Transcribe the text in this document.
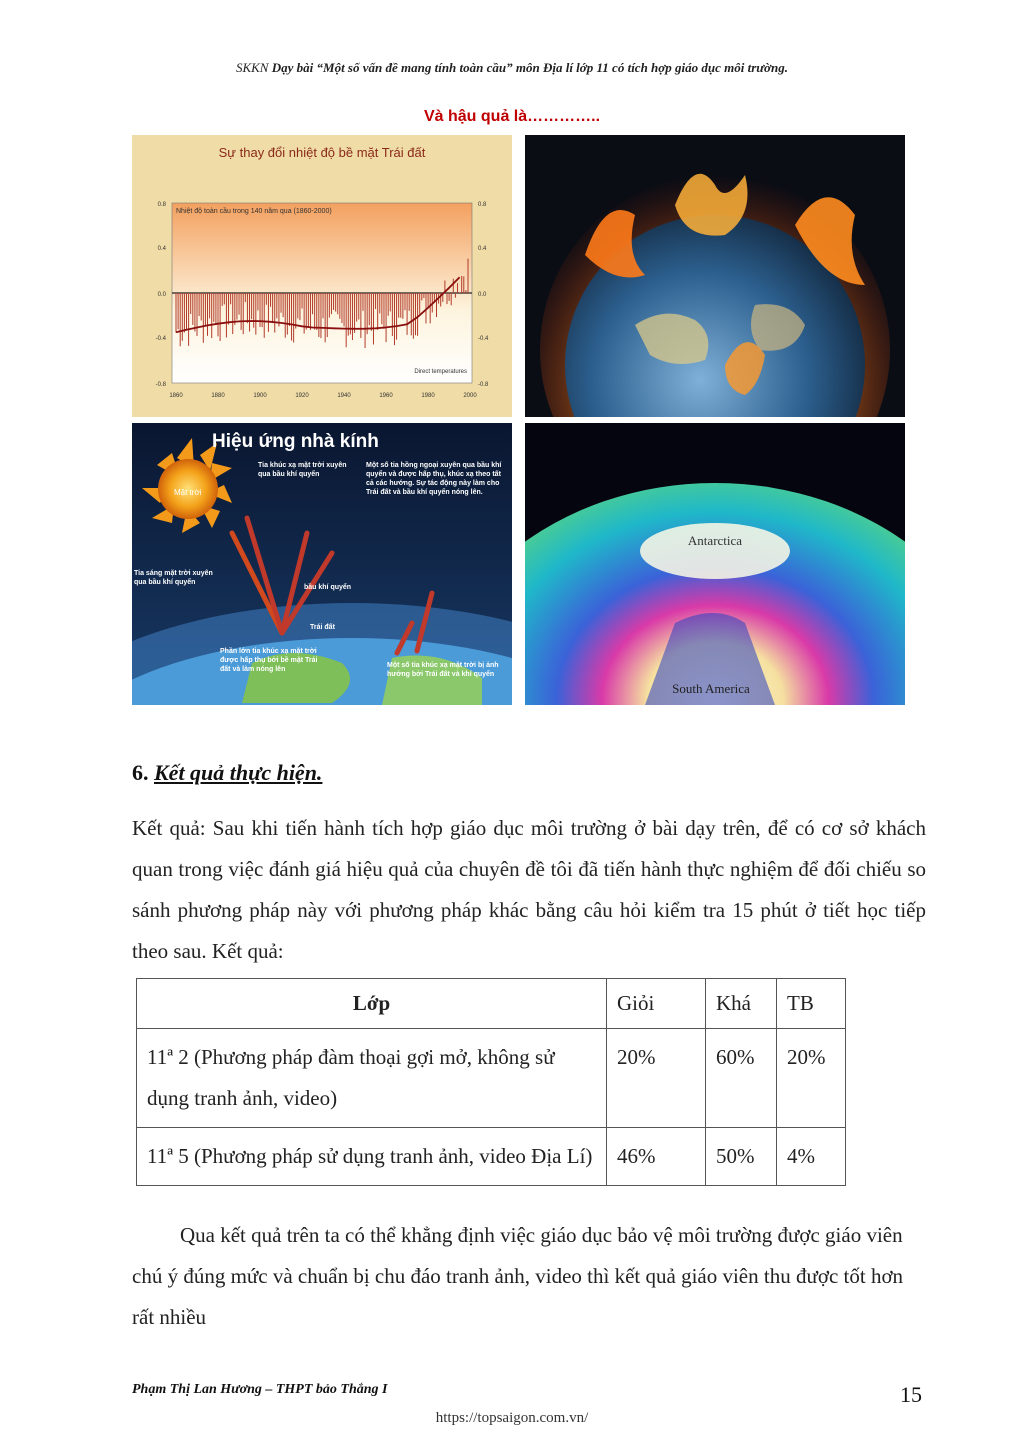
SKKN Dạy bài “Một số vấn đề mang tính toàn cầu” môn Địa lí lớp 11 có tích hợp giáo dục môi trường.
Và hậu quả là…………..
Sự thay đổi nhiệt độ bề mặt Trái đất
Nhiệt độ toàn cầu trong 140 năm qua (1860-2000)
Direct temperatures
0.8
0.4
0.0
-0.4
-0.8
0.8
0.4
0.0
-0.4
-0.8
1860	1880	1900	1920	1940	1960	1980	2000
Mặt trời
Hiệu ứng nhà kính
Tia khúc xạ mặt trời xuyên qua bầu khí quyển
Một số tia hồng ngoại xuyên qua bầu khí quyển và được hấp thụ, khúc xạ theo tất cả các hướng. Sự tác động này làm cho Trái đất và bầu khí quyển nóng lên.
Tia sáng mặt trời xuyên qua bầu khí quyển
bầu khí quyển
Trái đất
Phần lớn tia khúc xạ mặt trời được hấp thụ bởi bề mặt Trái đất và làm nóng lên
Một số tia khúc xạ mặt trời bị ảnh hưởng bởi Trái đất và khí quyển
Antarctica
South America
6. Kết quả thực hiện.
Kết quả: Sau khi tiến hành tích hợp giáo dục môi trường ở bài dạy trên, để có cơ sở khách quan trong việc đánh giá hiệu quả của chuyên đề tôi đã tiến hành thực nghiệm để đối chiếu so sánh phương pháp này với phương pháp khác bằng câu hỏi kiểm tra 15 phút ở tiết học tiếp theo sau. Kết quả:
Lớp	Giỏi	Khá	TB
11ª 2 (Phương pháp đàm thoại gợi mở, không sử dụng tranh ảnh, video)	20%	60%	20%
11ª 5 (Phương pháp sử dụng tranh ảnh, video Địa Lí)	46%	50%	4%
Qua kết quả trên ta có thể khẳng định việc giáo dục bảo vệ môi trường được giáo viên chú ý đúng mức và chuẩn bị chu đáo tranh ảnh, video thì kết quả giáo viên thu được tốt hơn rất nhiều
Phạm Thị Lan Hương – THPT bảo Thắng I	15
https://topsaigon.com.vn/
